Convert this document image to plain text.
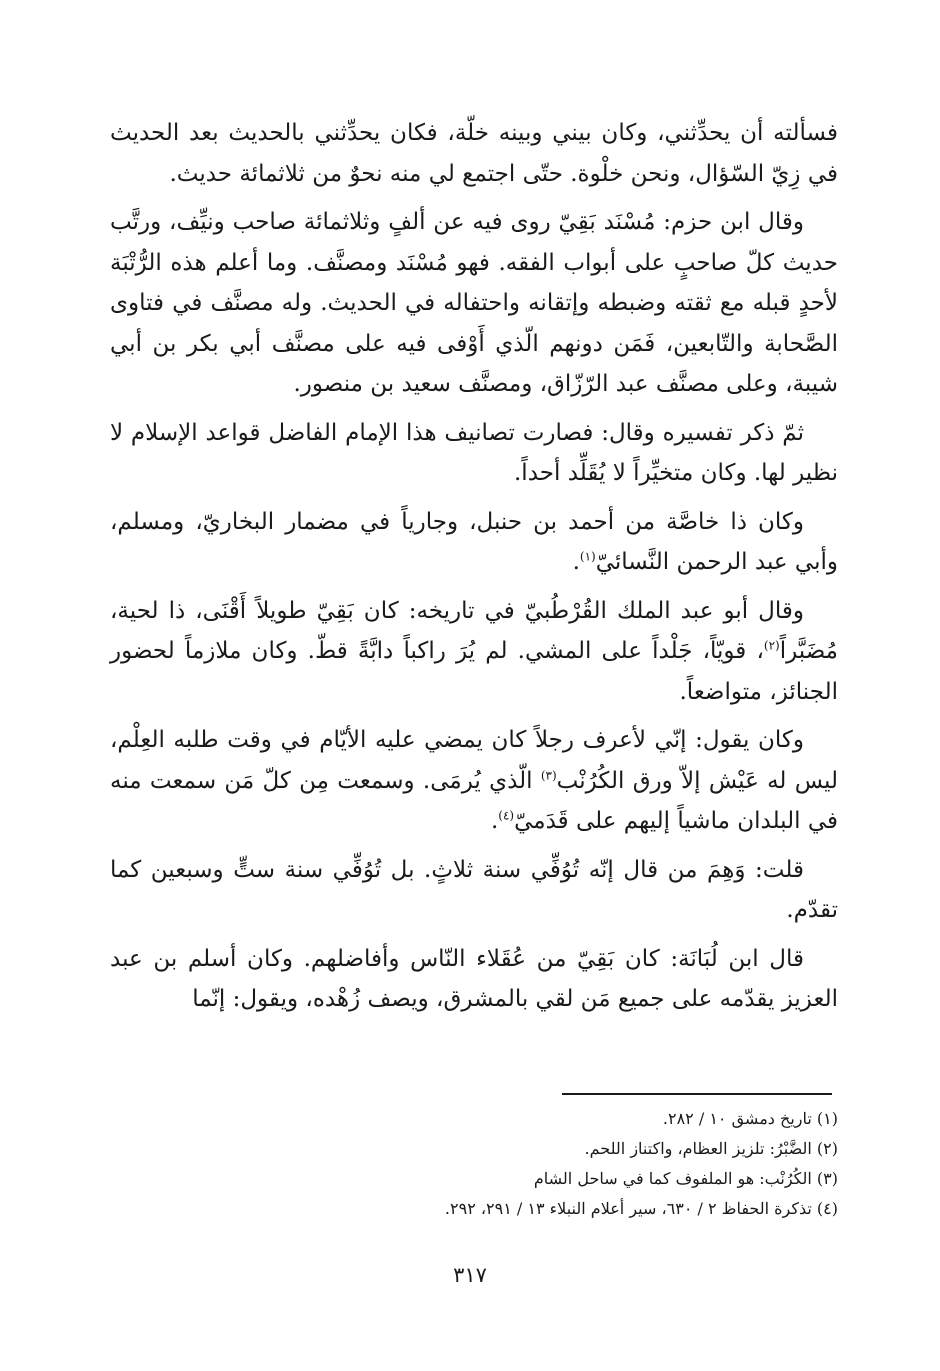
فسألته أن يحدِّثني، وكان بيني وبينه خلّة، فكان يحدِّثني بالحديث بعد الحديث في زِيّ السّؤال، ونحن خلْوة. حتّى اجتمع لي منه نحوٌ من ثلاثمائة حديث.

وقال ابن حزم: مُسْنَد بَقِيّ روى فيه عن ألفٍ وثلاثمائة صاحب ونيِّف، ورتَّب حديث كلّ صاحبٍ على أبواب الفقه. فهو مُسْنَد ومصنَّف. وما أعلم هذه الرُّتْبَة لأحدٍ قبله مع ثقته وضبطه وإتقانه واحتفاله في الحديث. وله مصنَّف في فتاوى الصَّحابة والتّابعين، فَمَن دونهم الّذي أَوْفى فيه على مصنَّف أبي بكر بن أبي شيبة، وعلى مصنَّف عبد الرّزّاق، ومصنَّف سعيد بن منصور.

ثمّ ذكر تفسيره وقال: فصارت تصانيف هذا الإمام الفاضل قواعد الإسلام لا نظير لها. وكان متخيِّراً لا يُقَلِّد أحداً.

وكان ذا خاصَّة من أحمد بن حنبل، وجارياً في مضمار البخاريّ، ومسلم، وأبي عبد الرحمن النَّسائيّ$^{(١)}$.

وقال أبو عبد الملك القُرْطُبيّ في تاريخه: كان بَقِيّ طويلاً أَقْنَى، ذا لحية، مُضَبَّراً$^{(٢)}$، قويّاً، جَلْداً على المشي. لم يُرَ راكباً دابَّةً قطّ. وكان ملازماً لحضور الجنائز، متواضعاً.

وكان يقول: إنّي لأعرف رجلاً كان يمضي عليه الأيّام في وقت طلبه العِلْم، ليس له عَيْش إلاّ ورق الكُرُنْب$^{(٣)}$ الّذي يُرمَى. وسمعت مِن كلّ مَن سمعت منه في البلدان ماشياً إليهم على قَدَميّ$^{(٤)}$.

قلت: وَهِمَ من قال إنّه تُوُفِّي سنة ثلاثٍ. بل تُوُفِّي سنة ستٍّ وسبعين كما تقدّم.

قال ابن لُبَانَة: كان بَقِيّ من عُقَلاء النّاس وأفاضلهم. وكان أسلم بن عبد العزيز يقدّمه على جميع مَن لقي بالمشرق، ويصف زُهْده، ويقول: إنّما

(١) تاريخ دمشق ١٠ / ٢٨٢.
(٢) الضَّبْرُ: تلزيز العظام، واكتناز اللحم.
(٣) الكُرُنْب: هو الملفوف كما في ساحل الشام
(٤) تذكرة الحفاظ ٢ / ٦٣٠، سير أعلام النبلاء ١٣ / ٢٩١، ٢٩٢.
٣١٧
